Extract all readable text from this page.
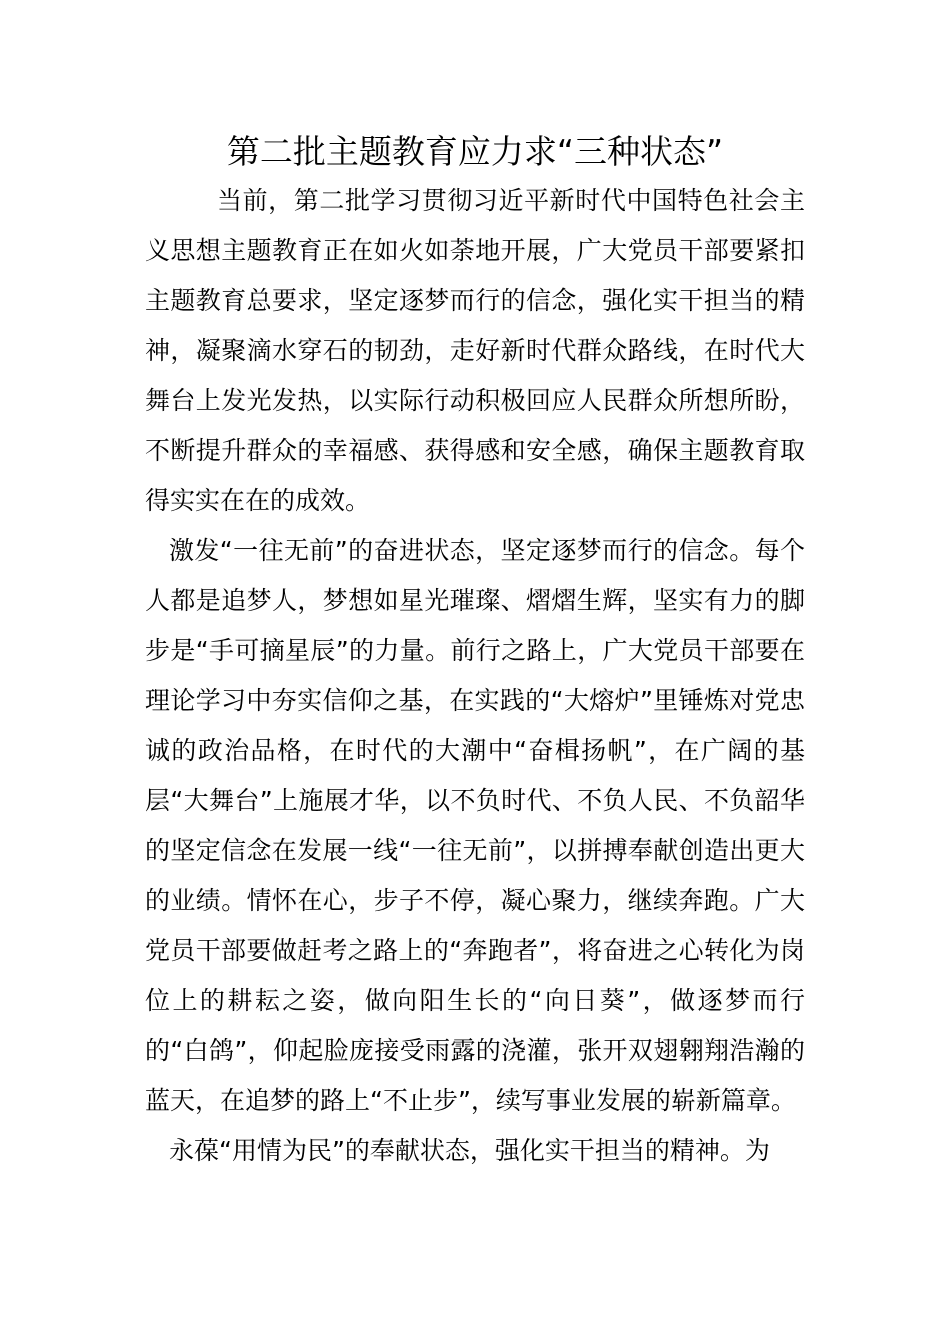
第二批主题教育应力求“三种状态”

当前，第二批学习贯彻习近平新时代中国特色社会主义思想主题教育正在如火如荼地开展，广大党员干部要紧扣主题教育总要求，坚定逐梦而行的信念，强化实干担当的精神，凝聚滴水穿石的韧劲，走好新时代群众路线，在时代大舞台上发光发热，以实际行动积极回应人民群众所想所盼，不断提升群众的幸福感、获得感和安全感，确保主题教育取得实实在在的成效。

激发“一往无前”的奋进状态，坚定逐梦而行的信念。每个人都是追梦人，梦想如星光璀璨、熠熠生辉，坚实有力的脚步是“手可摘星辰”的力量。前行之路上，广大党员干部要在理论学习中夯实信仰之基，在实践的“大熔炉”里锤炼对党忠诚的政治品格，在时代的大潮中“奋楫扬帆”，在广阔的基层“大舞台”上施展才华，以不负时代、不负人民、不负韶华的坚定信念在发展一线“一往无前”，以拼搏奉献创造出更大的业绩。情怀在心，步子不停，凝心聚力，继续奔跑。广大党员干部要做赶考之路上的“奔跑者”，将奋进之心转化为岗位上的耕耘之姿，做向阳生长的“向日葵”，做逐梦而行的“白鸽”，仰起脸庞接受雨露的浇灌，张开双翅翱翔浩瀚的蓝天，在追梦的路上“不止步”，续写事业发展的崭新篇章。

永葆“用情为民”的奉献状态，强化实干担当的精神。为
